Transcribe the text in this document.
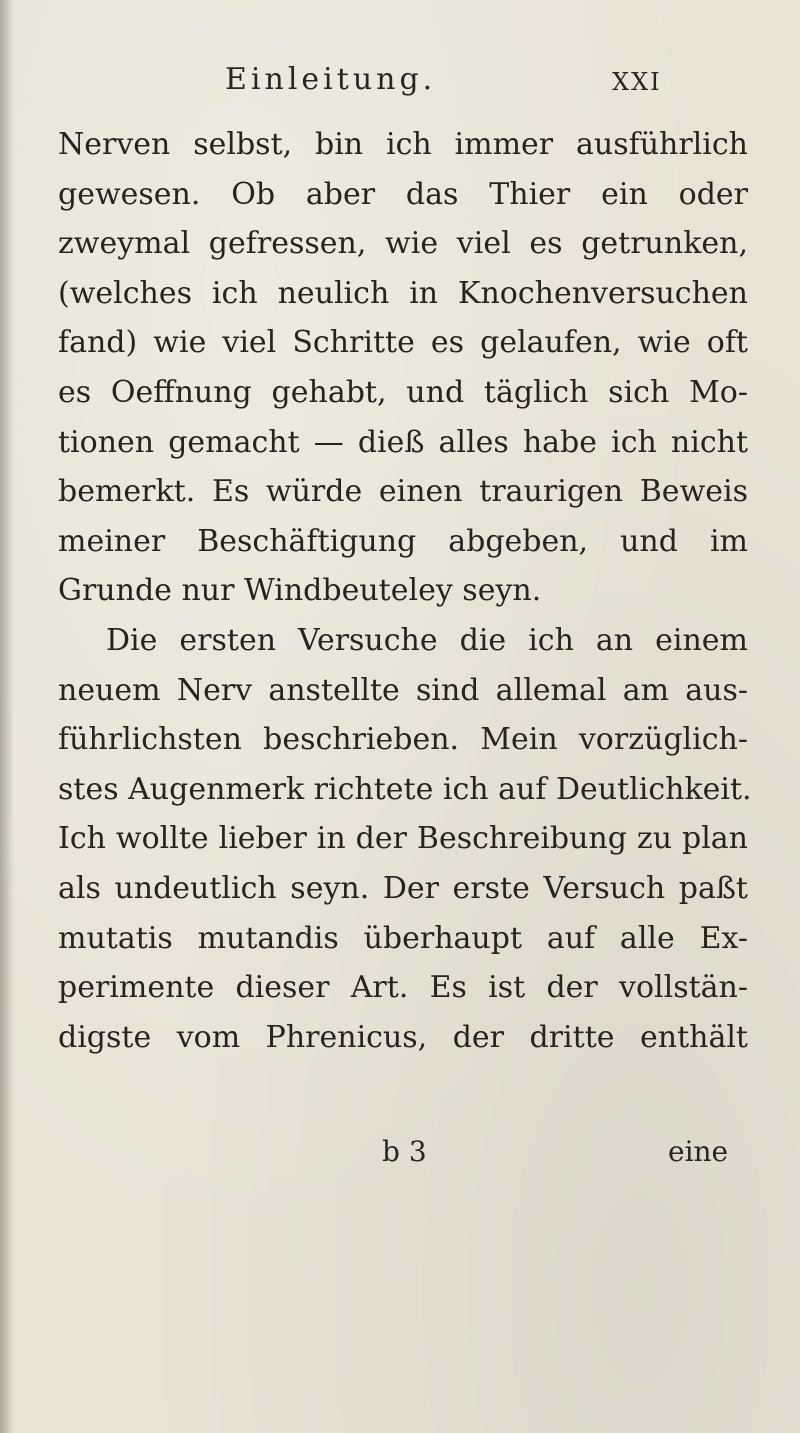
Einleitung.	XXI
Nerven selbst, bin ich immer ausführlich
gewesen. Ob aber das Thier ein oder
zweymal gefressen, wie viel es getrunken,
(welches ich neulich in Knochenversuchen
fand) wie viel Schritte es gelaufen, wie oft
es Oeffnung gehabt, und täglich sich Mo-
tionen gemacht — dieß alles habe ich nicht
bemerkt. Es würde einen traurigen Beweis
meiner Beschäftigung abgeben, und im
Grunde nur Windbeuteley seyn.
Die ersten Versuche die ich an einem
neuem Nerv anstellte sind allemal am aus-
führlichsten beschrieben. Mein vorzüglich-
stes Augenmerk richtete ich auf Deutlichkeit.
Ich wollte lieber in der Beschreibung zu plan
als undeutlich seyn. Der erste Versuch paßt
mutatis mutandis überhaupt auf alle Ex-
perimente dieser Art. Es ist der vollstän-
digste vom Phrenicus, der dritte enthält
b 3	eine
